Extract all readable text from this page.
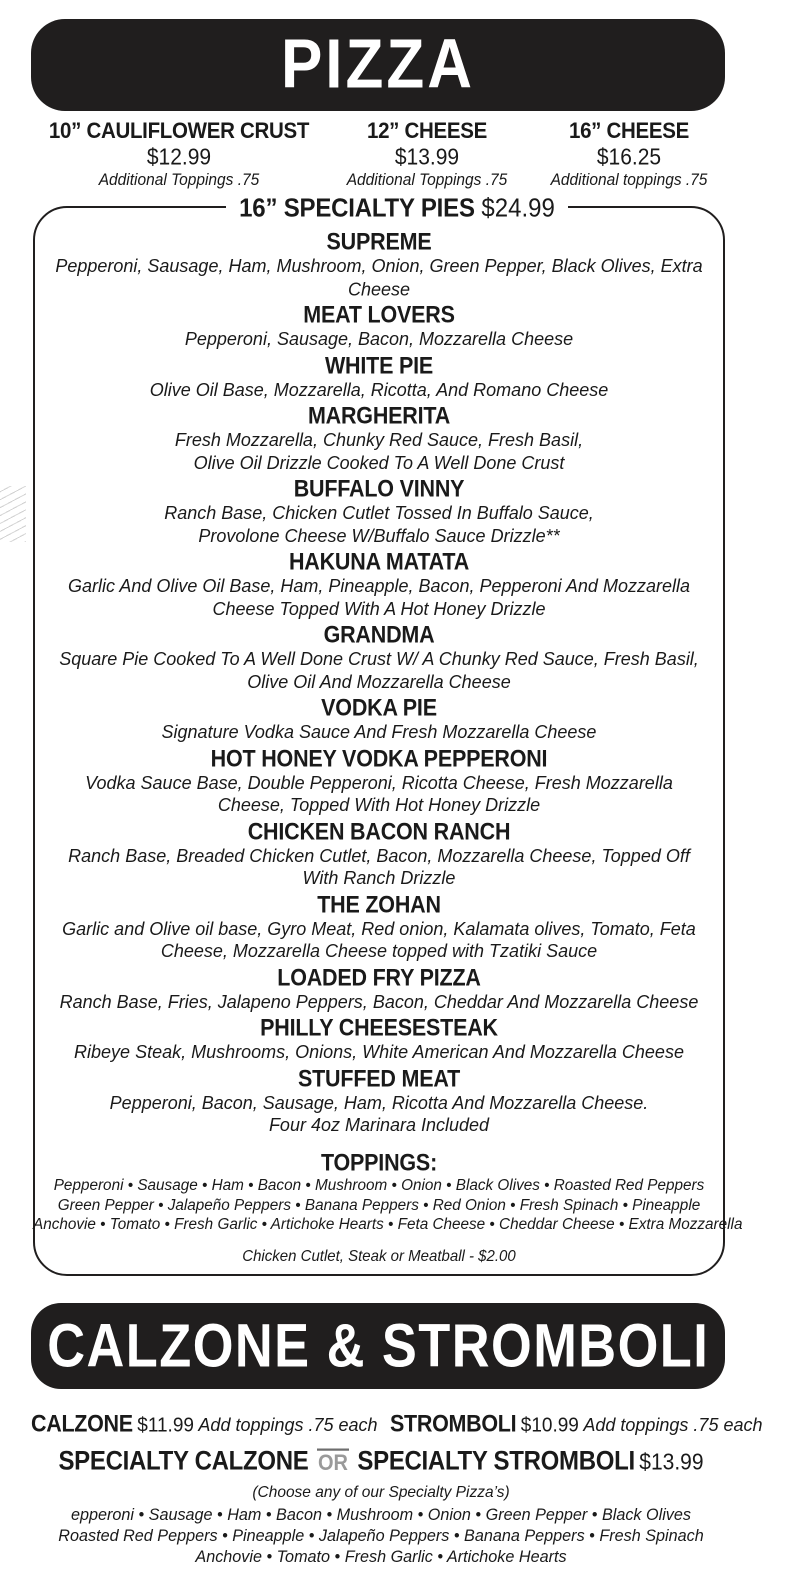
PIZZA
10” CAULIFLOWER CRUST
$12.99
Additional Toppings .75
12” CHEESE
$13.99
Additional Toppings .75
16” CHEESE
$16.25
Additional toppings .75
16” SPECIALTY PIES $24.99
SUPREME
Pepperoni, Sausage, Ham, Mushroom, Onion, Green Pepper, Black Olives, Extra Cheese
MEAT LOVERS
Pepperoni, Sausage, Bacon, Mozzarella Cheese
WHITE PIE
Olive Oil Base, Mozzarella, Ricotta, And Romano Cheese
MARGHERITA
Fresh Mozzarella, Chunky Red Sauce, Fresh Basil,
Olive Oil Drizzle Cooked To A Well Done Crust
BUFFALO VINNY
Ranch Base, Chicken Cutlet Tossed In Buffalo Sauce,
Provolone Cheese W/Buffalo Sauce Drizzle**
HAKUNA MATATA
Garlic And Olive Oil Base, Ham, Pineapple, Bacon, Pepperoni And Mozzarella
Cheese Topped With A Hot Honey Drizzle
GRANDMA
Square Pie Cooked To A Well Done Crust W/ A Chunky Red Sauce, Fresh Basil,
Olive Oil And Mozzarella Cheese
VODKA PIE
Signature Vodka Sauce And Fresh Mozzarella Cheese
HOT HONEY VODKA PEPPERONI
Vodka Sauce Base, Double Pepperoni, Ricotta Cheese, Fresh Mozzarella
Cheese, Topped With Hot Honey Drizzle
CHICKEN BACON RANCH
Ranch Base, Breaded Chicken Cutlet, Bacon, Mozzarella Cheese, Topped Off
With Ranch Drizzle
THE ZOHAN
Garlic and Olive oil base, Gyro Meat, Red onion, Kalamata olives, Tomato, Feta
Cheese, Mozzarella Cheese topped with Tzatiki Sauce
LOADED FRY PIZZA
Ranch Base, Fries, Jalapeno Peppers, Bacon, Cheddar And Mozzarella Cheese
PHILLY CHEESESTEAK
Ribeye Steak, Mushrooms, Onions, White American And Mozzarella Cheese
STUFFED MEAT
Pepperoni, Bacon, Sausage, Ham, Ricotta And Mozzarella Cheese.
Four 4oz Marinara Included
TOPPINGS:
Pepperoni • Sausage • Ham • Bacon • Mushroom • Onion • Black Olives • Roasted Red Peppers
Green Pepper • Jalapeño Peppers • Banana Peppers • Red Onion • Fresh Spinach • Pineapple
Anchovie • Tomato • Fresh Garlic • Artichoke Hearts • Feta Cheese • Cheddar Cheese • Extra Mozzarella
Chicken Cutlet, Steak or Meatball - $2.00
CALZONE & STROMBOLI
CALZONE $11.99 Add toppings .75 each STROMBOLI $10.99 Add toppings .75 each
SPECIALTY CALZONE OR SPECIALTY STROMBOLI $13.99
(Choose any of our Specialty Pizza’s)
epperoni • Sausage • Ham • Bacon • Mushroom • Onion • Green Pepper • Black Olives
Roasted Red Peppers • Pineapple • Jalapeño Peppers • Banana Peppers • Fresh Spinach
Anchovie • Tomato • Fresh Garlic • Artichoke Hearts
